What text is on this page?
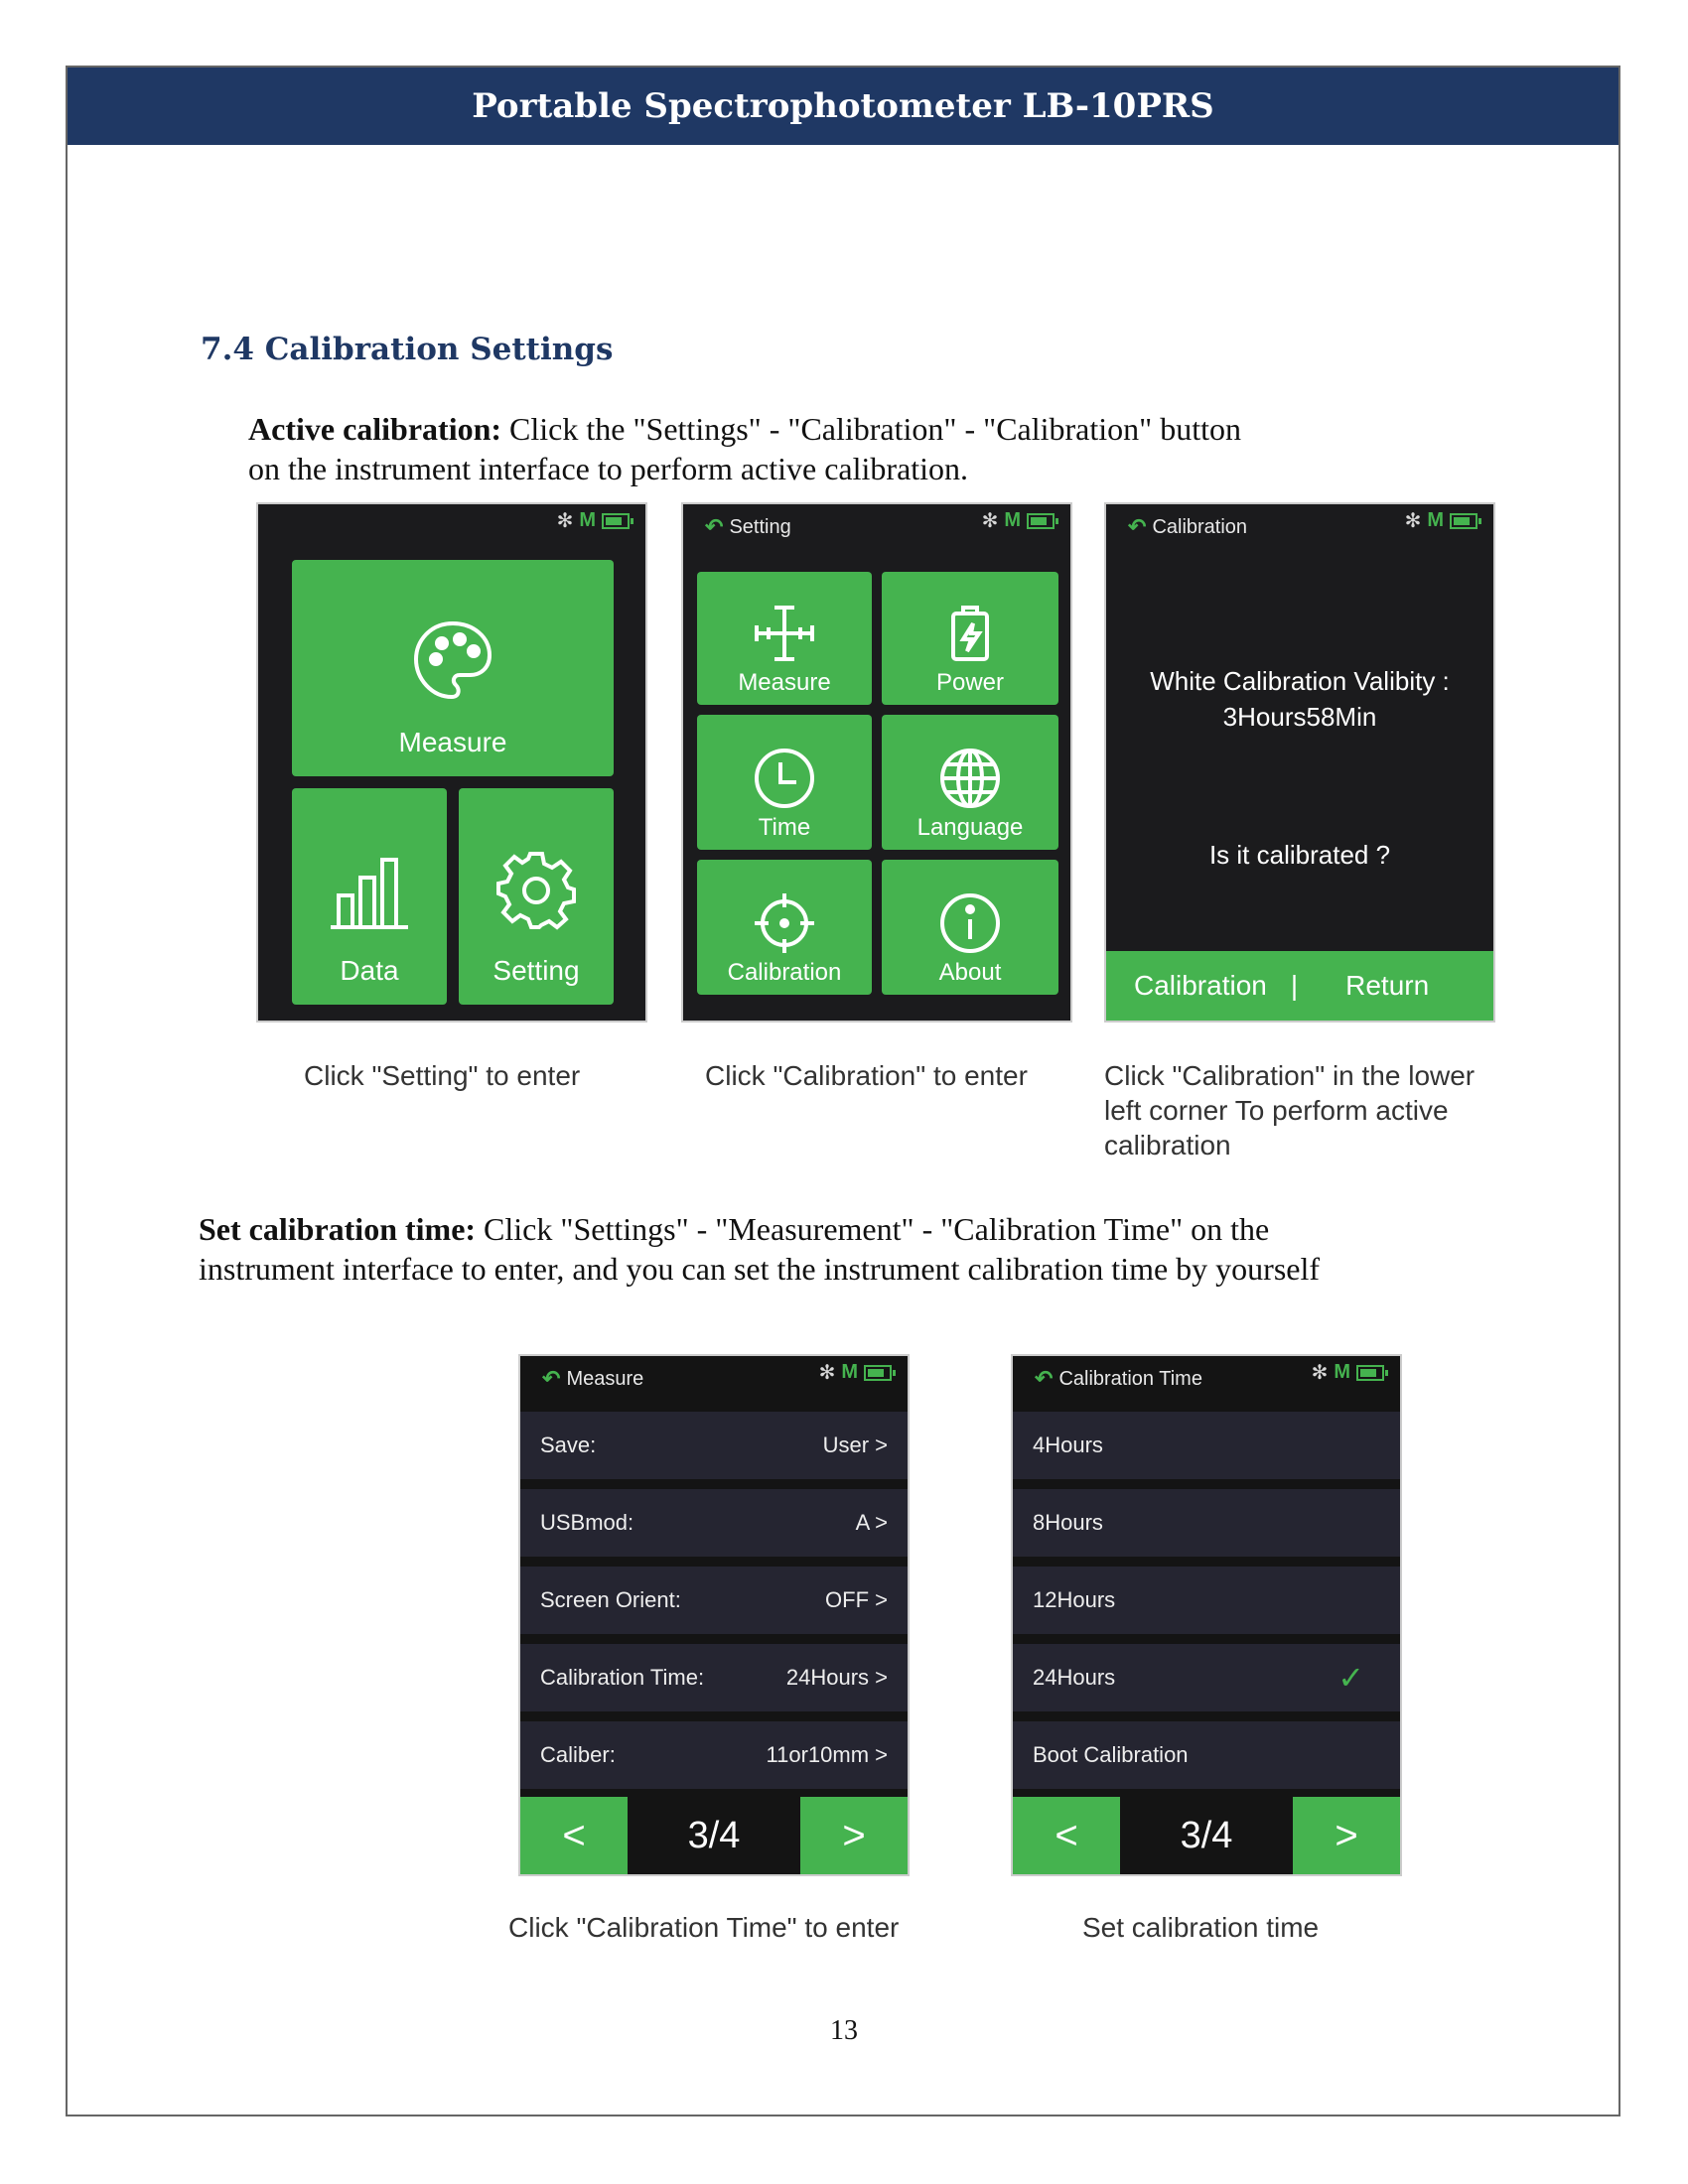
Portable Spectrophotometer LB-10PRS
7.4 Calibration Settings
Active calibration: Click the "Settings" - "Calibration" - "Calibration" button
on the instrument interface to perform active calibration.
✻ M
Measure
Data	Setting
↶ Setting	✻ M
Measure	Power
Time	Language
Calibration	About
↶ Calibration	✻ M
White Calibration Valibity :
3Hours58Min
Is it calibrated ?
Calibration | Return
Click "Setting" to enter	Click "Calibration" to enter	Click "Calibration" in the lower
left corner To perform active
calibration
Set calibration time: Click "Settings" - "Measurement" - "Calibration Time" on the
instrument interface to enter, and you can set the instrument calibration time by yourself
↶ Measure	✻ M
Save:	User >
USBmod:	A >
Screen Orient:	OFF >
Calibration Time:	24Hours >
Caliber:	11or10mm >
<	3/4	>
↶ Calibration Time	✻ M
4Hours
8Hours
12Hours
24Hours	✓
Boot Calibration
<	3/4	>
Click "Calibration Time" to enter	Set calibration time
13
